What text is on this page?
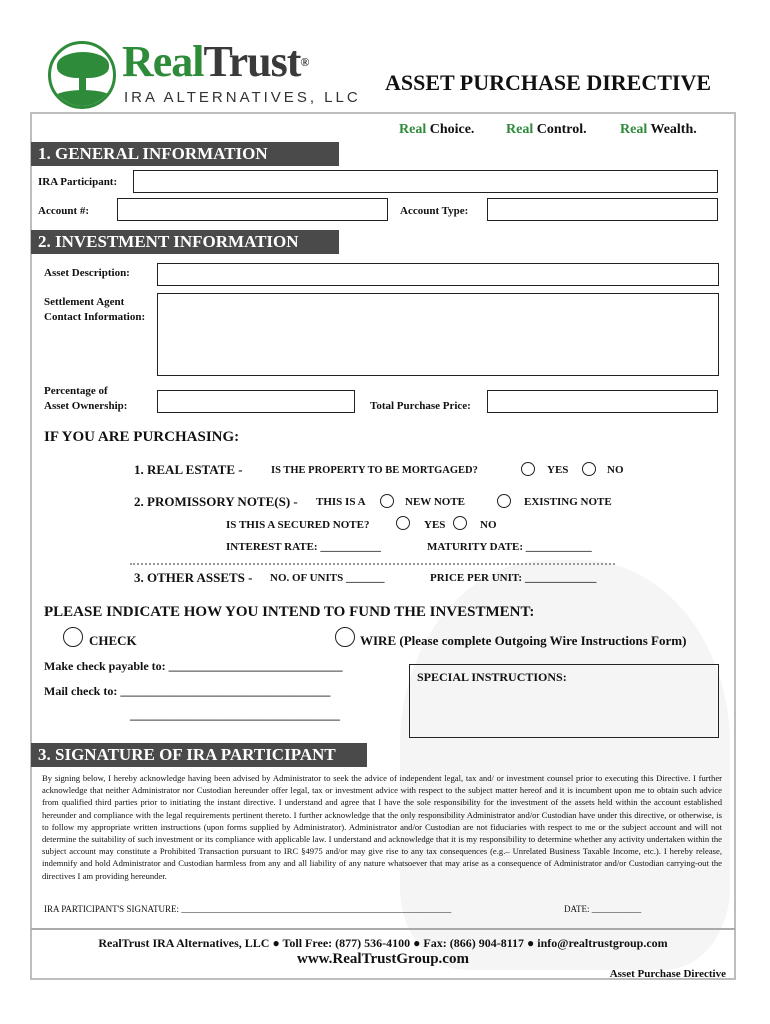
RealTrust®
IRA ALTERNATIVES, LLC
ASSET PURCHASE DIRECTIVE
Real Choice. Real Control. Real Wealth.
1. GENERAL INFORMATION
IRA Participant:
Account #:	Account Type:
2. INVESTMENT INFORMATION
Asset Description:
Settlement Agent
Contact Information:
Percentage of
Asset Ownership:	Total Purchase Price:
IF YOU ARE PURCHASING:
1. REAL ESTATE -	IS THE PROPERTY TO BE MORTGAGED?	YES	NO
2. PROMISSORY NOTE(S) - THIS IS A	NEW NOTE	EXISTING NOTE
IS THIS A SECURED NOTE?	YES	NO
INTEREST RATE: ___________	MATURITY DATE: ____________
3. OTHER ASSETS - NO. OF UNITS _______	PRICE PER UNIT: _____________
PLEASE INDICATE HOW YOU INTEND TO FUND THE INVESTMENT:
CHECK	WIRE (Please complete Outgoing Wire Instructions Form)
Make check payable to: _____________________________
Mail check to: ___________________________________
___________________________________
SPECIAL INSTRUCTIONS:
3. SIGNATURE OF IRA PARTICIPANT
By signing below, I hereby acknowledge having been advised by Administrator to seek the advice of independent legal, tax and/ or investment counsel prior to executing this Directive. I further acknowledge that neither Administrator nor Custodian hereunder offer legal, tax or investment advice with respect to the subject matter hereof and it is incumbent upon me to obtain such advice from qualified third parties prior to initiating the instant directive. I understand and agree that I have the sole responsibility for the investment of the assets held within the account established hereunder and compliance with the legal requirements pertinent thereto. I further acknowledge that the only responsibility Administrator and/or Custodian have under this directive, or otherwise, is to follow my appropriate written instructions (upon forms supplied by Administrator). Administrator and/or Custodian are not fiduciaries with respect to me or the subject account and will not determine the suitability of such investment or its compliance with applicable law. I understand and acknowledge that it is my responsibility to determine whether any activity undertaken within the subject account may constitute a Prohibited Transaction pursuant to IRC §4975 and/or may give rise to any tax consequences (e.g.– Unrelated Business Taxable Income, etc.). I hereby release, indemnify and hold Administrator and Custodian harmless from any and all liability of any nature whatsoever that may arise as a consequence of Administrator and/or Custodian carrying-out the directives I am providing hereunder.
IRA PARTICIPANT'S SIGNATURE: ____________________________________________________________	DATE: ___________
RealTrust IRA Alternatives, LLC ● Toll Free: (877) 536-4100 ● Fax: (866) 904-8117 ● info@realtrustgroup.com
www.RealTrustGroup.com
Asset Purchase Directive
